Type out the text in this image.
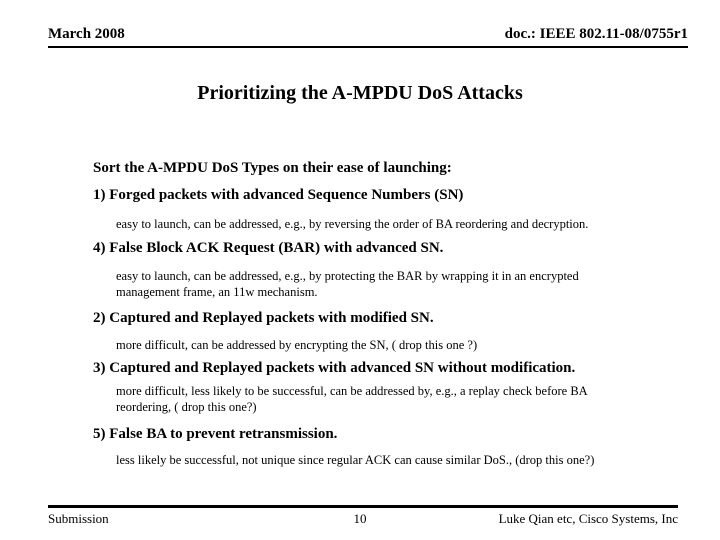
March 2008	doc.: IEEE 802.11-08/0755r1
Prioritizing the A-MPDU DoS Attacks
Sort the A-MPDU DoS Types on their ease of launching:
1) Forged packets with advanced Sequence Numbers (SN)
easy to launch, can be addressed, e.g., by reversing the order of BA reordering and decryption.
4) False Block ACK Request (BAR) with advanced SN.
easy to launch, can be addressed, e.g., by protecting the BAR by wrapping it in an encrypted
management frame, an 11w mechanism.
2) Captured and Replayed packets with modified SN.
more difficult, can be addressed by encrypting the SN, ( drop this one ?)
3) Captured and Replayed packets with advanced SN without modification.
more difficult, less likely to be successful, can be addressed by, e.g., a replay check before BA
reordering, ( drop this one?)
5) False BA to prevent retransmission.
less likely be successful, not unique since regular ACK can cause similar DoS., (drop this one?)
Submission	10	Luke Qian etc, Cisco Systems, Inc
